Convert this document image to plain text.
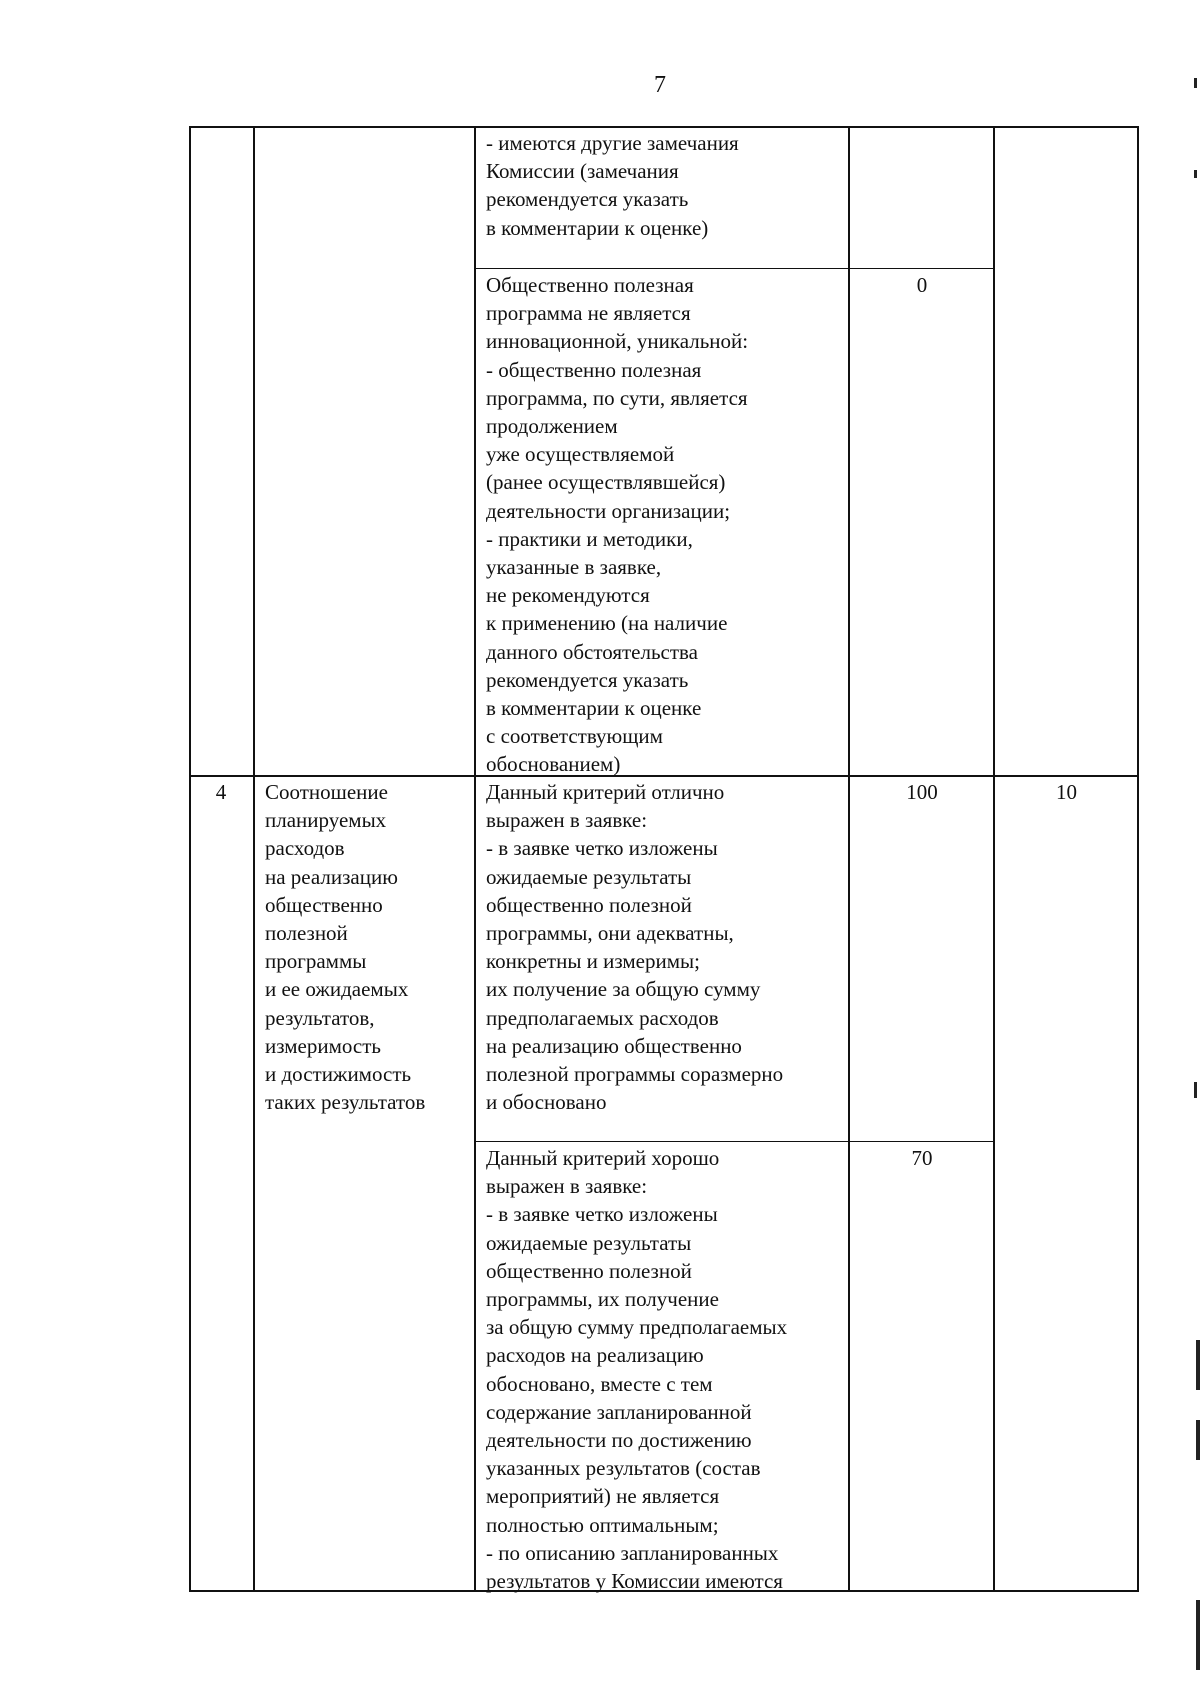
7
- имеются другие замечания
Комиссии (замечания
рекомендуется указать
в комментарии к оценке)
Общественно полезная
программа не является
инновационной, уникальной:
- общественно полезная
программа, по сути, является
продолжением
уже осуществляемой
(ранее осуществлявшейся)
деятельности организации;
- практики и методики,
указанные в заявке,
не рекомендуются
к применению (на наличие
данного обстоятельства
рекомендуется указать
в комментарии к оценке
с соответствующим
обоснованием)
0
4	Соотношение
планируемых
расходов
на реализацию
общественно
полезной
программы
и ее ожидаемых
результатов,
измеримость
и достижимость
таких результатов
10
Данный критерий отлично
выражен в заявке:
- в заявке четко изложены
ожидаемые результаты
общественно полезной
программы, они адекватны,
конкретны и измеримы;
их получение за общую сумму
предполагаемых расходов
на реализацию общественно
полезной программы соразмерно
и обосновано
100
Данный критерий хорошо
выражен в заявке:
- в заявке четко изложены
ожидаемые результаты
общественно полезной
программы, их получение
за общую сумму предполагаемых
расходов на реализацию
обосновано, вместе с тем
содержание запланированной
деятельности по достижению
указанных результатов (состав
мероприятий) не является
полностью оптимальным;
- по описанию запланированных
результатов у Комиссии имеются
70
